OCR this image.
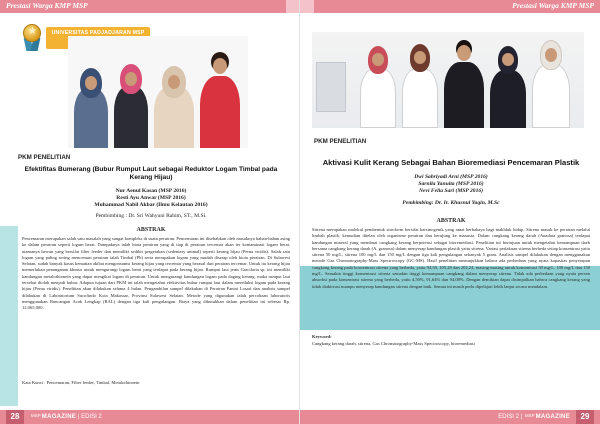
Prestasi Warga KMP MSP
★
UNIVERSITAS PADJADJARAN MSP
PKM PENELITIAN
Efektifitas Bumerang (Bubur Rumput Laut sebagai Reduktor Logam Timbal pada
Kerang Hijau)
Nur Aenul Kasan (MSP 2016)
Resti Ayu Anwar (MSP 2016)
Muhammad Nabil Akbar (Ilmu Kelautan 2016)
Pembimbing : Dr. Sri Wahyuni Rahim, ST., M.Si.
ABSTRAK
Pencemaran merupakan salah satu masalah yang sangat kompleks di suatu perairan. Pencemaran ini disebabkan oleh masuknya bahan-bahan asing ke dalam perairan seperti logam berat. Dampaknya ialah biota perairan yang di tiap di perairan tercemar akan ter kontaminasi logam berat, utamanya hewan yang bersifat filter feeder dan memiliki sedikit pergerakan (sedentary animal) seperti kerang hijau (Perna viridis). Salah satu logam yang paling sering mencemari perairan ialah Timbal (Pb) serta merupakan logam yang mudah diserap oleh biota perairan. Di Sulawesi Selatan, sudah banyak kasus kematian akibat mengonsumsi kerang hijau yang tercemar yang berasal dari perairan tercemar. Untuk itu kerang hijau memerlukan penanganan khusus untuk mengurangi logam berat yang terdapat pada kerang hijau. Rumput laut jenis Gracilaria sp. ini memiliki kandungan metalothionein yang dapat mengikat logam di perairan. Untuk mengurangi kandungan logam pada daging kerang, maka rumput laut tersebut diolah menjadi bubur. Adapun tujuan dari PKM ini ialah mengetahui efektivitas bubur rumput laut dalam mereduksi logam pada kerang hijau (Perna viridis). Penelitian akan dilakukan selama 4 bulan. Pengambilan sampel dilakukan di Perairan Pantai Losari dan analisis sampel dilakukan di Laboratorium Sucofindo Kota Makassar, Provinsi Sulawesi Selatan. Metode yang digunakan ialah percobaan laboratoris menggunakan Rancangan Acak Lengkap (RAL) dengan tiga kali pengulangan. Biaya yang dibutuhkan dalam penelitian ini sebesar Rp. 12.065.000.
Kata Kunci : Pencemaran, Filter feeder, Timbal, Metalothionein
28	MSPMAGAZINE | EDISI 2
Prestasi Warga KMP MSP
PKM PENELITIAN
Aktivasi Kulit Kerang Sebagai Bahan Bioremediasi Pencemaran Plastik
Dwi Sabriyadi Arni (MSP 2016)
Sarnila Yanuita (MSP 2016)
Nevi Felia Sari (MSP 2016)
Pembimbing: Dr. Ir. Khusnul Yaqin, M.Sc
ABSTRAK
Sitrena merupakan molekul pembentuk sitroform bersifat karsinogenik yang amat berbahaya bagi makhluk hidup. Sitrena masuk ke perairan melalui limbah plastik, kemudian ditelan oleh organisme perairan dan berujung ke manusia. Dalam cangkang kerang darah (Anadara granosa) terdapat kandungan mineral yang membuat cangkang kerang berpotensi sebagai bioremediasi. Penelitian ini bertujuan untuk mengetahui kemampuan daeb bersama cangkang kerang darah (A. granosa) dalam menyerap kandungan plastik yaitu sitrena. Variasi perlakuan stirena berbeda setiap konsentrasi yaitu stirena 50 mg/L, stirena 100 mg/L dan 150 mg/L dengan tiga kali pengulangan sebanyak 5 gram. Analisis sampel dilakukan dengan menggunakan metode Gas Chromatography-Mass Spectroscopy (GC-MS). Hasil penelitian menunjukkan bahwa ada perbedaan yang nyata kapasitas penyerapan cangkang kerang pada konsentrasi stirena yang berbeda, yaitu 94,50, 105,28 dan 202,24, masing-masing untuk konsentrasi 50 mg/L, 100 mg/L dan 150 mg/L. Semakin tinggi konsentrasi stirena semakin tinggi kemampuan cangkang dalam menyerap stirena. Tidak ada perbedaan yang nyata persen absorbsi pada konsentrasi stirena yang berbeda, yaitu 4,50%, 91,64% dan 94,08%. Dengan demikian dapat disimpulkan bahwa cangkang kerang yang tidak diaktivasi mampu menyerap kandungan stirena dengan baik. Semua ini masih perlu dipelajari lebih lanjut secara mendalam.
Keyword:
Cangkang kerang darah, stirena, Gas Chromatography-Mass Spectroscopy, bioremediasi
EDISI 2 | MSPMAGAZINE	29
